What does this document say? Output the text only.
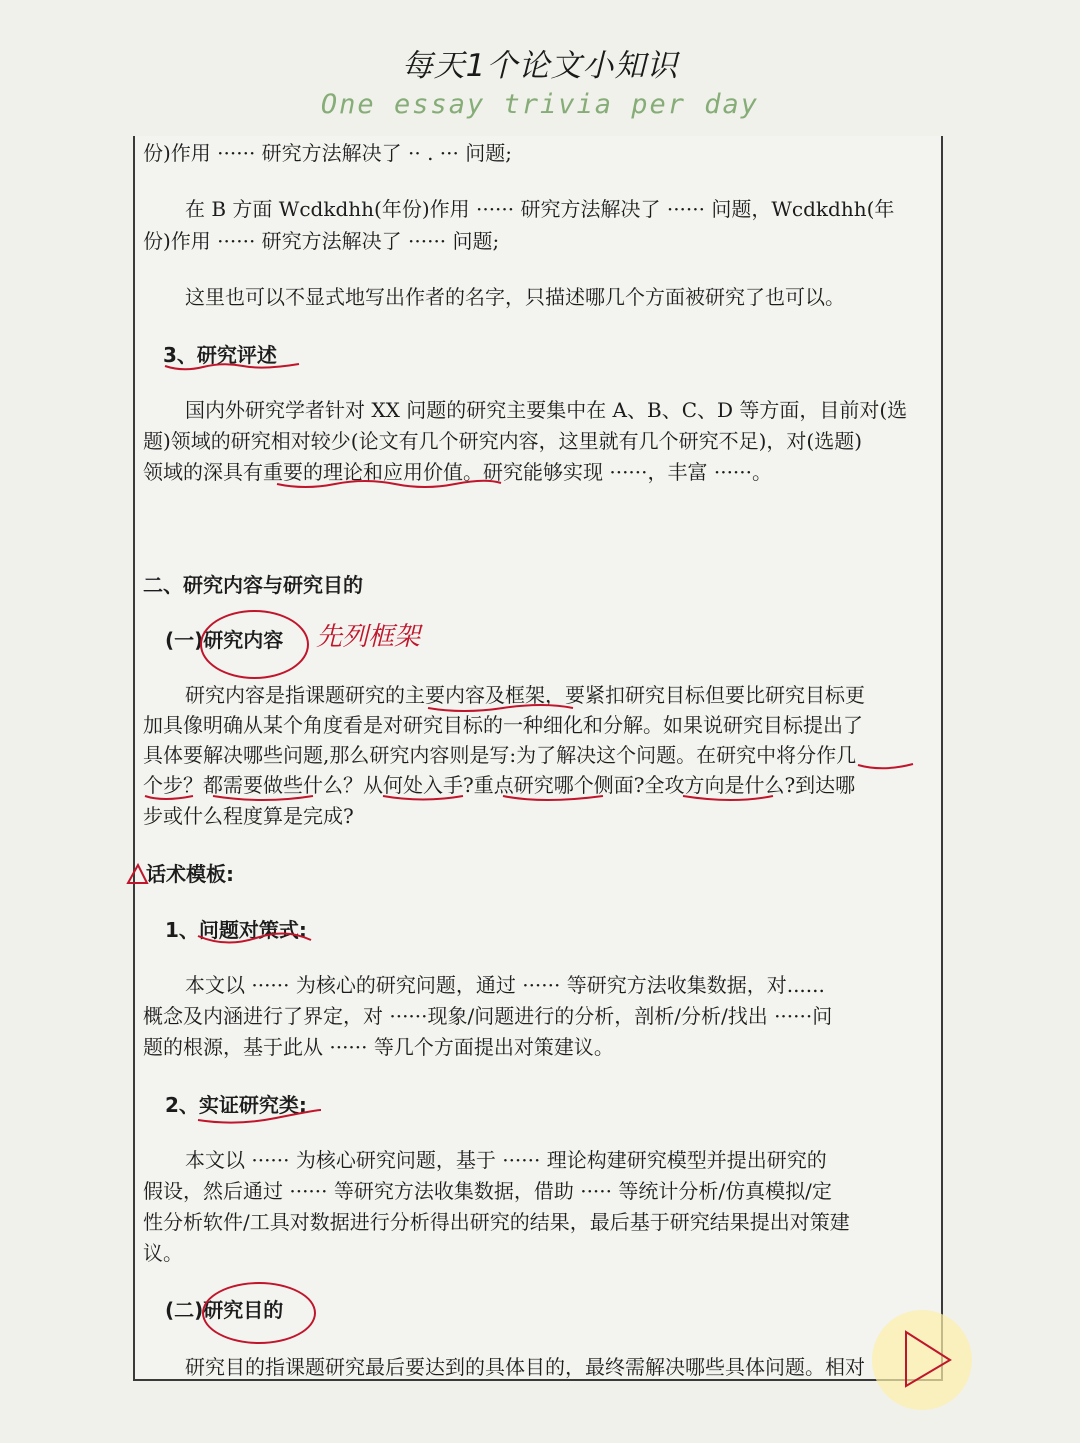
每天1个论文小知识
One essay trivia per day
份)作用 ······ 研究方法解决了 ·· . ··· 问题;
在 B 方面 Wcdkdhh(年份)作用 ······ 研究方法解决了 ······ 问题，Wcdkdhh(年
份)作用 ······ 研究方法解决了 ······ 问题;
这里也可以不显式地写出作者的名字，只描述哪几个方面被研究了也可以。
3、研究评述
国内外研究学者针对 XX 问题的研究主要集中在 A、B、C、D 等方面，目前对(选
题)领域的研究相对较少(论文有几个研究内容，这里就有几个研究不足)，对(选题)
领域的深具有重要的理论和应用价值。研究能够实现 ······，丰富 ······。
二、研究内容与研究目的
(一)研究内容 先列框架
研究内容是指课题研究的主要内容及框架，要紧扣研究目标但要比研究目标更
加具像明确从某个角度看是对研究目标的一种细化和分解。如果说研究目标提出了
具体要解决哪些问题,那么研究内容则是写:为了解决这个问题。在研究中将分作几
个步？都需要做些什么？从何处入手?重点研究哪个侧面?全攻方向是什么?到达哪
步或什么程度算是完成?
话术模板:
1、问题对策式:
本文以 ······ 为核心的研究问题，通过 ······ 等研究方法收集数据，对......
概念及内涵进行了界定，对 ······现象/问题进行的分析，剖析/分析/找出 ······问
题的根源，基于此从 ······ 等几个方面提出对策建议。
2、实证研究类:
本文以 ······ 为核心研究问题，基于 ······ 理论构建研究模型并提出研究的
假设，然后通过 ······ 等研究方法收集数据，借助 ····· 等统计分析/仿真模拟/定
性分析软件/工具对数据进行分析得出研究的结果，最后基于研究结果提出对策建
议。
(二)研究目的
研究目的指课题研究最后要达到的具体目的，最终需解决哪些具体问题。相对
